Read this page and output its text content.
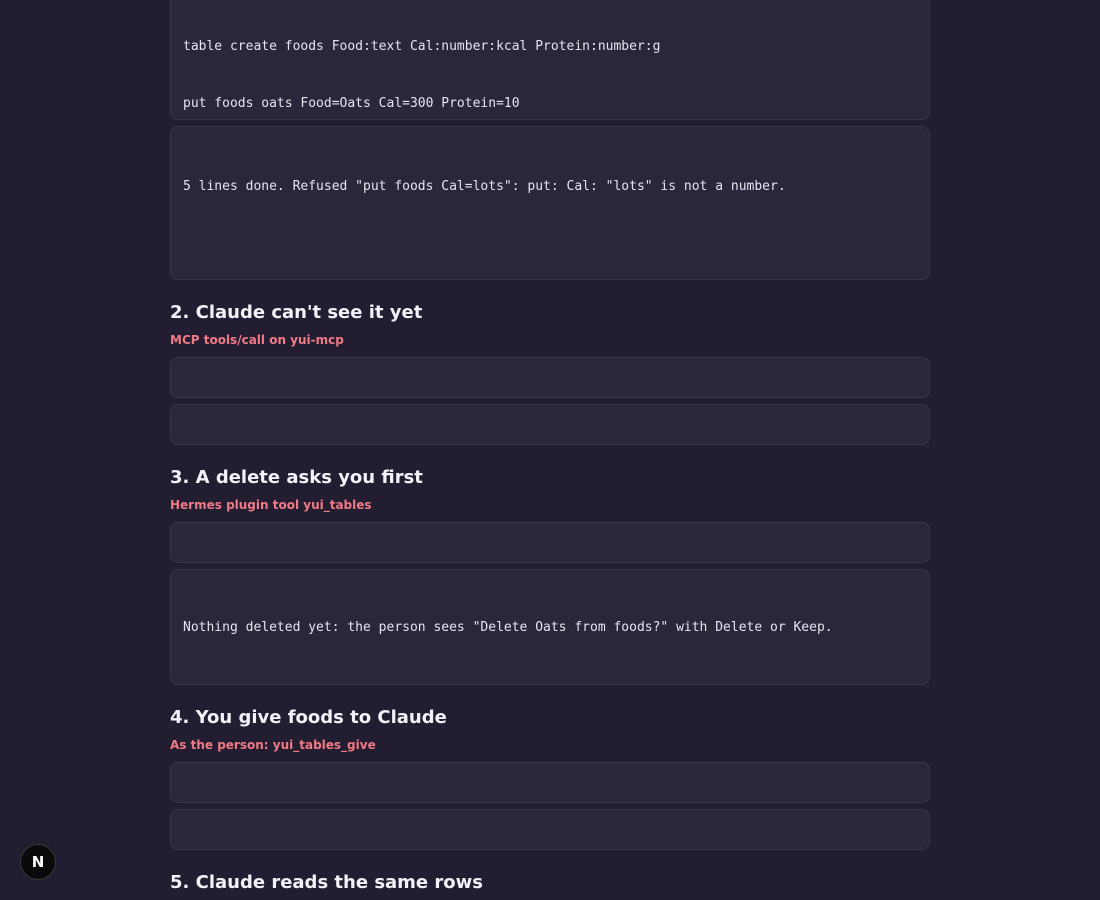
table create foods Food:text Cal:number:kcal Protein:number:g

put foods oats Food=Oats Cal=300 Protein=10

5 lines done. Refused "put foods Cal=lots": put: Cal: "lots" is not a number.

2. Claude can't see it yet

MCP tools/call on yui-mcp

3. A delete asks you first

Hermes plugin tool yui_tables

Nothing deleted yet: the person sees "Delete Oats from foods?" with Delete or Keep.

4. You give foods to Claude

As the person: yui_tables_give

5. Claude reads the same rows
N
